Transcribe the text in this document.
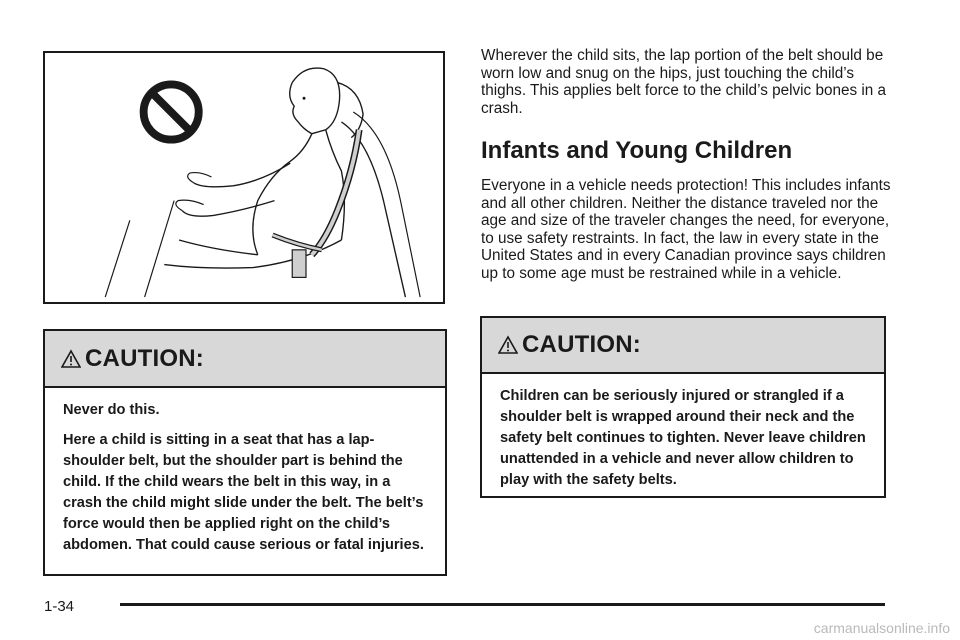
CAUTION:

Never do this.

Here a child is sitting in a seat that has a lap-shoulder belt, but the shoulder part is behind the child. If the child wears the belt in this way, in a crash the child might slide under the belt. The belt’s force would then be applied right on the child’s abdomen. That could cause serious or fatal injuries.

Wherever the child sits, the lap portion of the belt should be worn low and snug on the hips, just touching the child’s thighs. This applies belt force to the child’s pelvic bones in a crash.

Infants and Young Children

Everyone in a vehicle needs protection! This includes infants and all other children. Neither the distance traveled nor the age and size of the traveler changes the need, for everyone, to use safety restraints. In fact, the law in every state in the United States and in every Canadian province says children up to some age must be restrained while in a vehicle.

CAUTION:

Children can be seriously injured or strangled if a shoulder belt is wrapped around their neck and the safety belt continues to tighten. Never leave children unattended in a vehicle and never allow children to play with the safety belts.

1-34
carmanualsonline.info
